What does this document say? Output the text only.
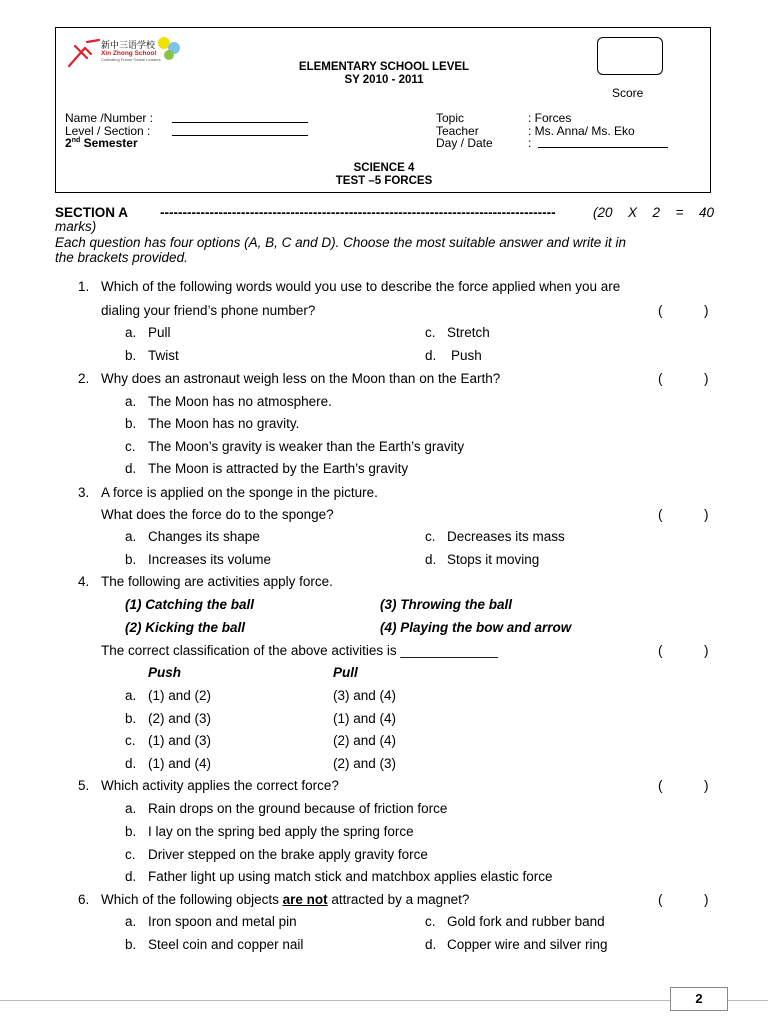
新中三语学校
Xin Zhong School
Cultivating Future Global Leaders
ELEMENTARY SCHOOL LEVEL
SY 2010 - 2011
Score
Name /Number :
Level / Section :
2nd Semester
Topic	: Forces
Teacher	: Ms. Anna/ Ms. Eko
Day / Date	:
SCIENCE 4
TEST –5 FORCES
SECTION A ----------------------------------------------------------------------------------------	(20 X 2 = 40
marks)
Each question has four options (A, B, C and D). Choose the most suitable answer and write it in
the brackets provided.
1. Which of the following words would you use to describe the force applied when you are
dialing your friend’s phone number?	(	)
a. Pull	c. Stretch
b. Twist	d. Push
2. Why does an astronaut weigh less on the Moon than on the Earth?	(	)
a. The Moon has no atmosphere.
b. The Moon has no gravity.
c. The Moon’s gravity is weaker than the Earth’s gravity
d. The Moon is attracted by the Earth’s gravity
3. A force is applied on the sponge in the picture.
What does the force do to the sponge?	(	)
a. Changes its shape	c. Decreases its mass
b. Increases its volume	d. Stops it moving
4. The following are activities apply force.
(1) Catching the ball	(3) Throwing the ball
(2) Kicking the ball	(4) Playing the bow and arrow
The correct classification of the above activities is _____________	(	)
Push	Pull
a. (1) and (2)	(3) and (4)
b. (2) and (3)	(1) and (4)
c. (1) and (3)	(2) and (4)
d. (1) and (4)	(2) and (3)
5. Which activity applies the correct force?	(	)
a. Rain drops on the ground because of friction force
b. I lay on the spring bed apply the spring force
c. Driver stepped on the brake apply gravity force
d. Father light up using match stick and matchbox applies elastic force
6. Which of the following objects are not attracted by a magnet?	(	)
a. Iron spoon and metal pin	c. Gold fork and rubber band
b. Steel coin and copper nail	d. Copper wire and silver ring
2
